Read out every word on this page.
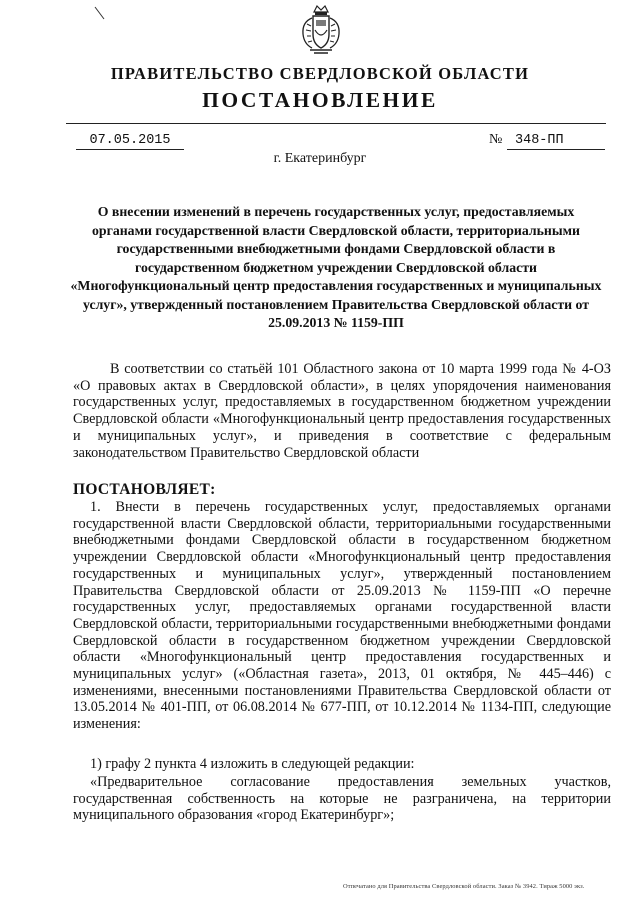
ПРАВИТЕЛЬСТВО СВЕРДЛОВСКОЙ ОБЛАСТИ
ПОСТАНОВЛЕНИЕ
07.05.2015	№ 348-ПП
г. Екатеринбург
О внесении изменений в перечень государственных услуг, предоставляемых органами государственной власти Свердловской области, территориальными государственными внебюджетными фондами Свердловской области в государственном бюджетном учреждении Свердловской области «Многофункциональный центр предоставления государственных и муниципальных услуг», утвержденный постановлением Правительства Свердловской области от 25.09.2013 № 1159-ПП
В соответствии со статьёй 101 Областного закона от 10 марта 1999 года № 4-ОЗ «О правовых актах в Свердловской области», в целях упорядочения наименования государственных услуг, предоставляемых в государственном бюджетном учреждении Свердловской области «Многофункциональный центр предоставления государственных и муниципальных услуг», и приведения в соответствие с федеральным законодательством Правительство Свердловской области
ПОСТАНОВЛЯЕТ:
1. Внести в перечень государственных услуг, предоставляемых органами государственной власти Свердловской области, территориальными государственными внебюджетными фондами Свердловской области в государственном бюджетном учреждении Свердловской области «Многофункциональный центр предоставления государственных и муниципальных услуг», утвержденный постановлением Правительства Свердловской области от 25.09.2013 № 1159-ПП «О перечне государственных услуг, предоставляемых органами государственной власти Свердловской области, территориальными государственными внебюджетными фондами Свердловской области в государственном бюджетном учреждении Свердловской области «Многофункциональный центр предоставления государственных и муниципальных услуг» («Областная газета», 2013, 01 октября, № 445–446) с изменениями, внесенными постановлениями Правительства Свердловской области от 13.05.2014 № 401-ПП, от 06.08.2014 № 677-ПП, от 10.12.2014 № 1134-ПП, следующие изменения:
1) графу 2 пункта 4 изложить в следующей редакции:
«Предварительное согласование предоставления земельных участков, государственная собственность на которые не разграничена, на территории муниципального образования «город Екатеринбург»;
Отпечатано для Правительства Свердловской области. Заказ № 3942. Тираж 5000 экз.
